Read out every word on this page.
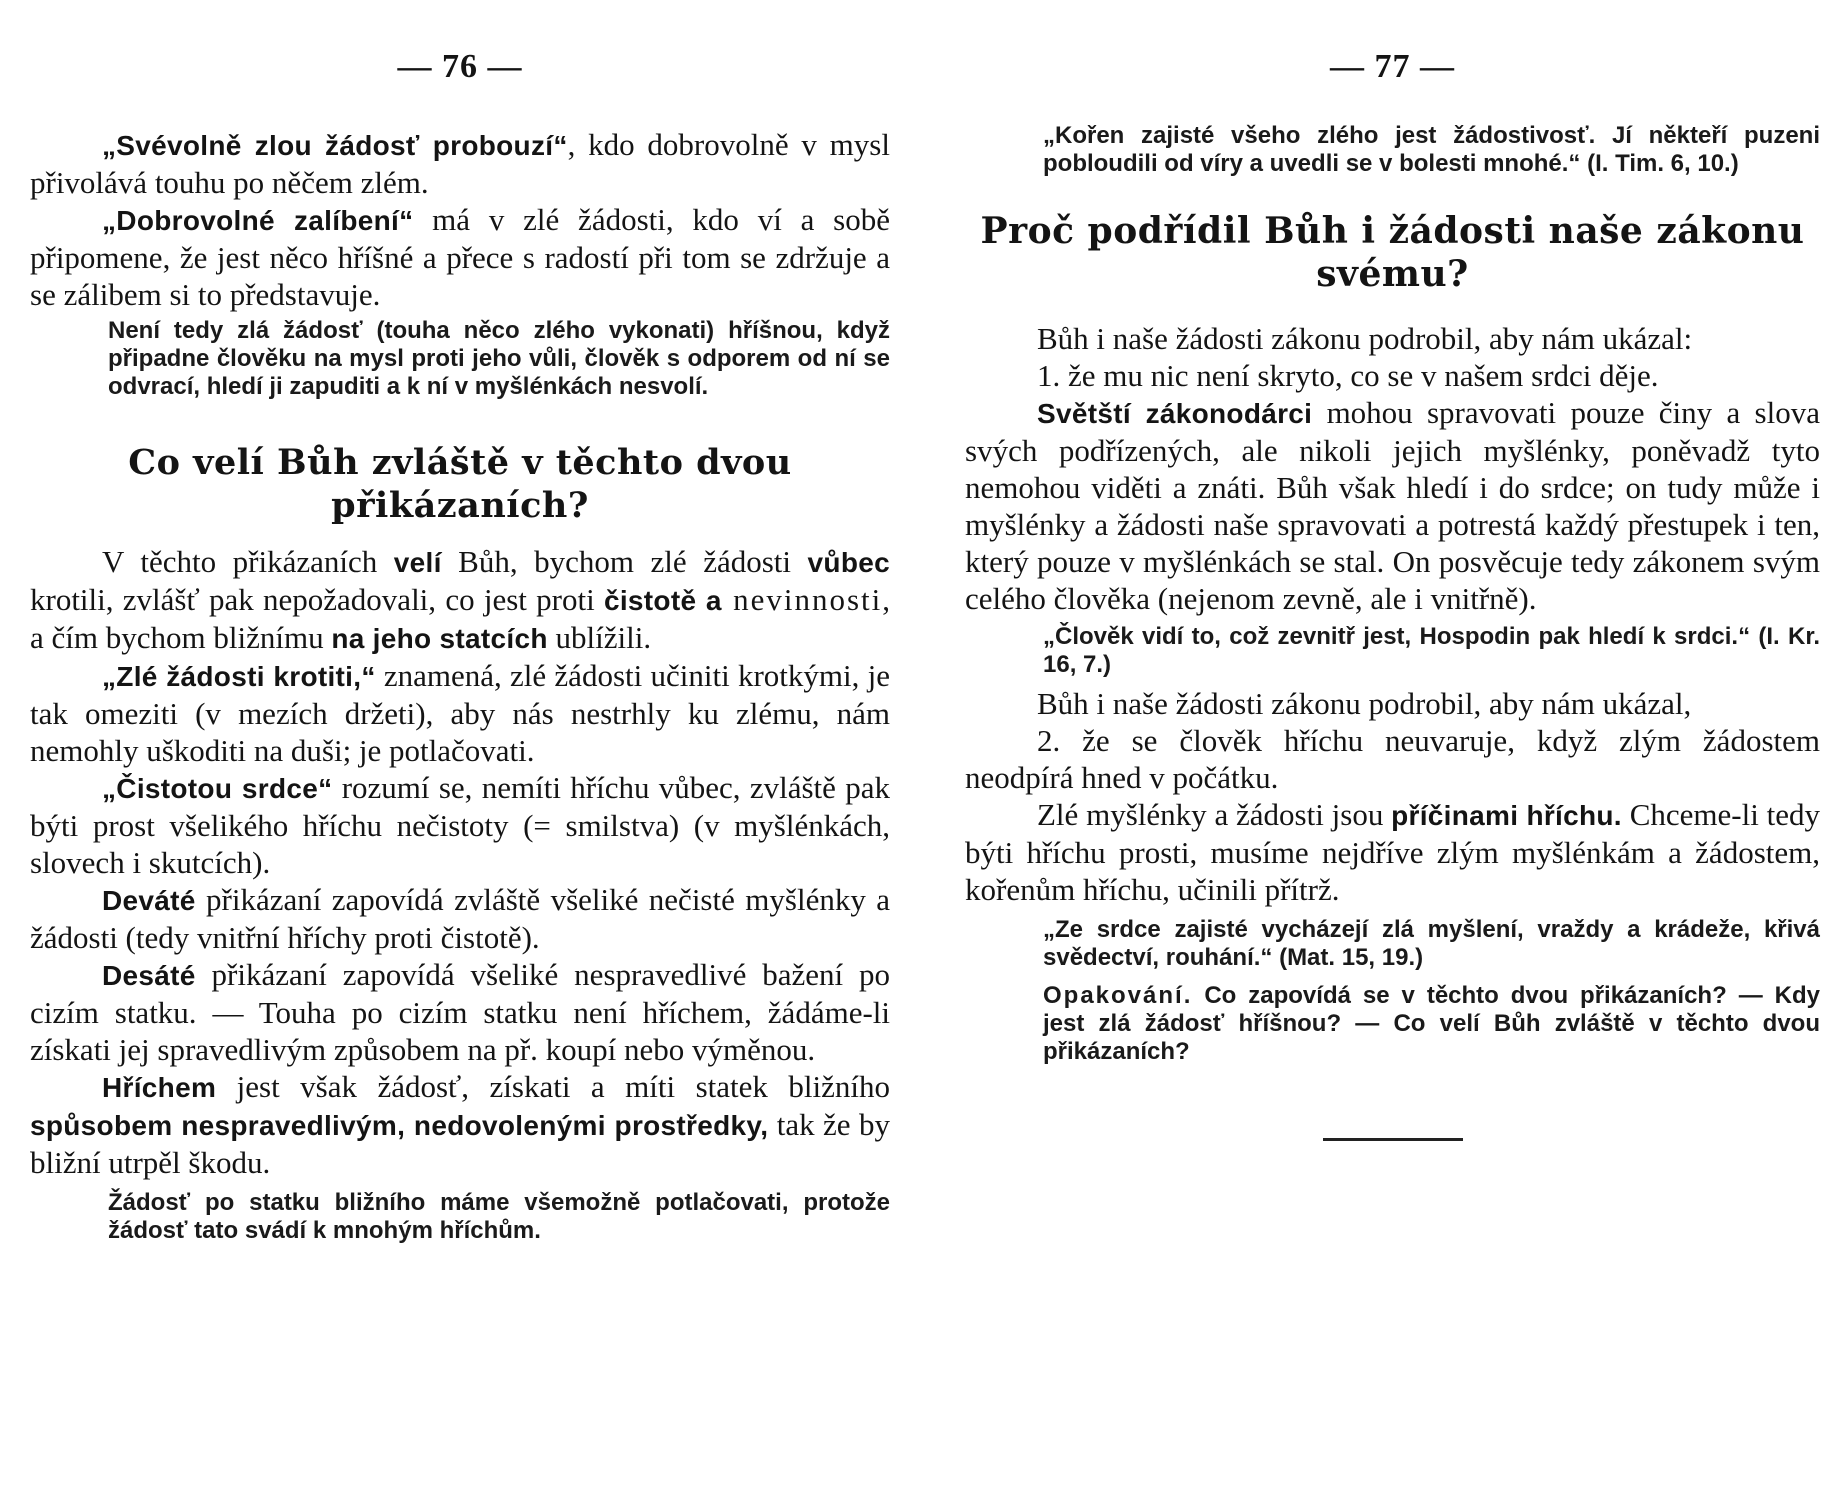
— 76 —

„Svévolně zlou žádosť probouzí“, kdo dobrovolně v mysl přivolává touhu po něčem zlém.

„Dobrovolné zalíbení“ má v zlé žádosti, kdo ví a sobě připomene, že jest něco hříšné a přece s radostí při tom se zdržuje a se zálibem si to představuje.

Není tedy zlá žádosť (touha něco zlého vykonati) hříšnou, když připadne člověku na mysl proti jeho vůli, člověk s odporem od ní se odvrací, hledí ji zapuditi a k ní v myšlénkách nesvolí.

Co velí Bůh zvláště v těchto dvou přikázaních?

V těchto přikázaních velí Bůh, bychom zlé žádosti vůbec krotili, zvlášť pak nepožadovali, co jest proti čistotě a nevinnosti, a čím bychom bližnímu na jeho statcích ublížili.

„Zlé žádosti krotiti,“ znamená, zlé žádosti učiniti krotkými, je tak omeziti (v mezích držeti), aby nás nestrhly ku zlému, nám nemohly uškoditi na duši; je potlačovati.

„Čistotou srdce“ rozumí se, nemíti hříchu vůbec, zvláště pak býti prost všelikého hříchu nečistoty (= smilstva) (v myšlénkách, slovech i skutcích).

Deváté přikázaní zapovídá zvláště všeliké nečisté myšlénky a žádosti (tedy vnitřní hříchy proti čistotě).

Desáté přikázaní zapovídá všeliké nespravedlivé bažení po cizím statku. — Touha po cizím statku není hříchem, žádáme-li získati jej spravedlivým způsobem na př. koupí nebo výměnou.

Hříchem jest však žádosť, získati a míti statek bližního spůsobem nespravedlivým, nedovolenými prostředky, tak že by bližní utrpěl škodu.

Žádosť po statku bližního máme všemožně potlačovati, protože žádosť tato svádí k mnohým hříchům.

— 77 —

„Kořen zajisté všeho zlého jest žádostivosť. Jí někteří puzeni pobloudili od víry a uvedli se v bolesti mnohé.“ (I. Tim. 6, 10.)

Proč podřídil Bůh i žádosti naše zákonu svému?

Bůh i naše žádosti zákonu podrobil, aby nám ukázal:

1. že mu nic není skryto, co se v našem srdci děje.

Světští zákonodárci mohou spravovati pouze činy a slova svých podřízených, ale nikoli jejich myšlénky, poněvadž tyto nemohou viděti a znáti. Bůh však hledí i do srdce; on tudy může i myšlénky a žádosti naše spravovati a potrestá každý přestupek i ten, který pouze v myšlénkách se stal. On posvěcuje tedy zákonem svým celého člověka (nejenom zevně, ale i vnitřně).

„Člověk vidí to, což zevnitř jest, Hospodin pak hledí k srdci.“ (I. Kr. 16, 7.)

Bůh i naše žádosti zákonu podrobil, aby nám ukázal,

2. že se člověk hříchu neuvaruje, když zlým žádostem neodpírá hned v počátku.

Zlé myšlénky a žádosti jsou příčinami hříchu. Chceme-li tedy býti hříchu prosti, musíme nejdříve zlým myšlénkám a žádostem, kořenům hříchu, učinili přítrž.

„Ze srdce zajisté vycházejí zlá myšlení, vraždy a krádeže, křivá svědectví, rouhání.“ (Mat. 15, 19.)

Opakování. Co zapovídá se v těchto dvou přikázaních? — Kdy jest zlá žádosť hříšnou? — Co velí Bůh zvláště v těchto dvou přikázaních?
